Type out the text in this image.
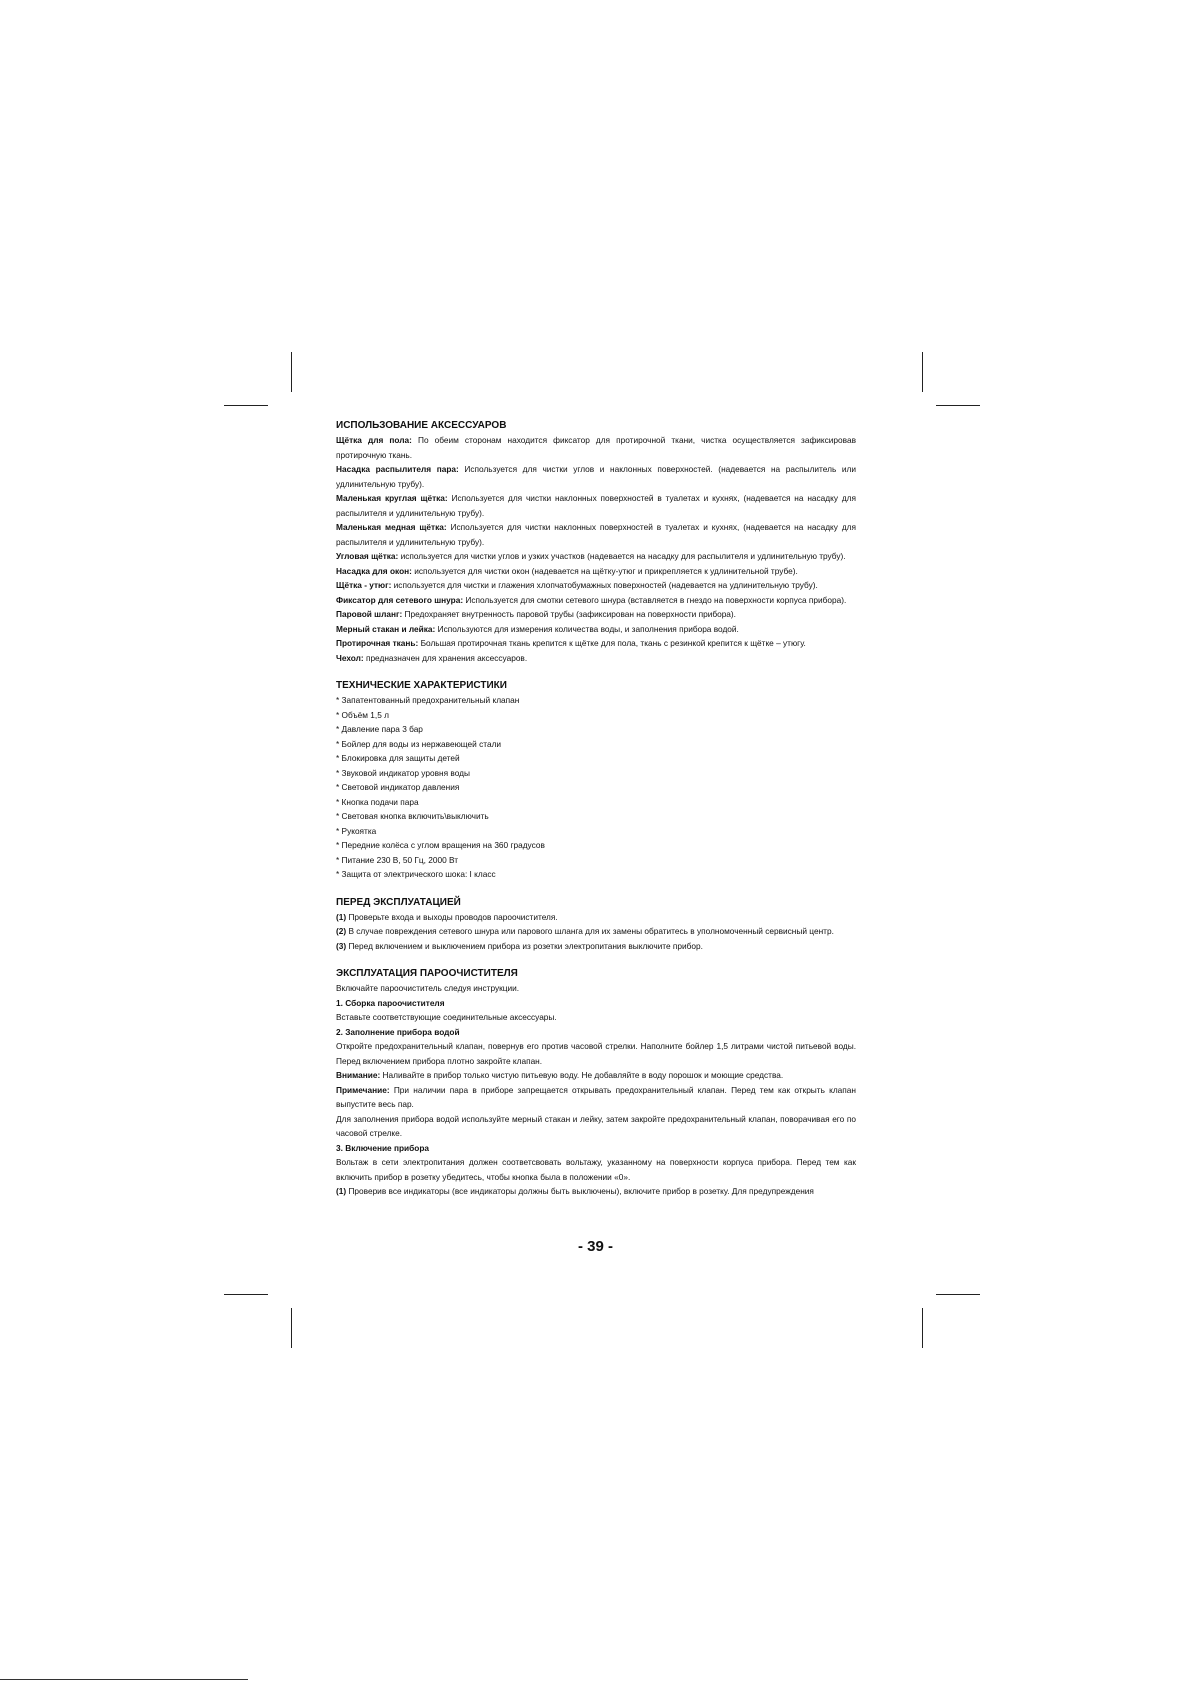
ИСПОЛЬЗОВАНИЕ АКСЕССУАРОВ

Щётка для пола: По обеим сторонам находится фиксатор для протирочной ткани, чистка осуществляется зафиксировав протирочную ткань.

Насадка распылителя пара: Используется для чистки углов и наклонных поверхностей. (надевается на распылитель или удлинительную трубу).

Маленькая круглая щётка: Используется для чистки наклонных поверхностей в туалетах и кухнях, (надевается на насадку для распылителя и удлинительную трубу).

Маленькая медная щётка: Используется для чистки наклонных поверхностей в туалетах и кухнях, (надевается на насадку для распылителя и удлинительную трубу).

Угловая щётка: используется для чистки углов и узких участков (надевается на насадку для распылителя и удлинительную трубу).

Насадка для окон: используется для чистки окон (надевается на щётку-утюг и прикрепляется к удлинительной трубе).

Щётка - утюг: используется для чистки и глажения хлопчатобумажных поверхностей (надевается на удлинительную трубу).

Фиксатор для сетевого шнура: Используется для смотки сетевого шнура (вставляется в гнездо на поверхности корпуса прибора).

Паровой шланг: Предохраняет внутренность паровой трубы (зафиксирован на поверхности прибора).

Мерный стакан и лейка: Используются для измерения количества воды, и заполнения прибора водой.

Протирочная ткань: Большая протирочная ткань крепится к щётке для пола, ткань с резинкой крепится к щётке – утюгу.

Чехол: предназначен для хранения аксессуаров.

ТЕХНИЧЕСКИЕ ХАРАКТЕРИСТИКИ

* Запатентованный предохранительный клапан

* Объём 1,5 л

* Давление пара 3 бар

* Бойлер для воды из нержавеющей стали

* Блокировка для защиты детей

* Звуковой индикатор уровня воды

* Световой индикатор давления

* Кнопка подачи пара

* Световая кнопка включить\выключить

* Рукоятка

* Передние колёса с углом вращения на 360 градусов

* Питание 230 В, 50 Гц, 2000 Вт

* Защита от электрического шока: I класс

ПЕРЕД ЭКСПЛУАТАЦИЕЙ

(1) Проверьте входа и выходы проводов пароочистителя.

(2) В случае повреждения сетевого шнура или парового шланга для их замены обратитесь в уполномоченный сервисный центр.

(3) Перед включением и выключением прибора из розетки электропитания выключите прибор.

ЭКСПЛУАТАЦИЯ ПАРООЧИСТИТЕЛЯ

Включайте пароочиститель следуя инструкции.

1. Сборка пароочистителя

Вставьте соответствующие соединительные аксессуары.

2. Заполнение прибора водой

Откройте предохранительный клапан, повернув его против часовой стрелки. Наполните бойлер 1,5 литрами чистой питьевой воды. Перед включением прибора плотно закройте клапан.

Внимание: Наливайте в прибор только чистую питьевую воду. Не добавляйте в воду порошок и моющие средства.

Примечание: При наличии пара в приборе запрещается открывать предохранительный клапан. Перед тем как открыть клапан выпустите весь пар.

Для заполнения прибора водой используйте мерный стакан и лейку, затем закройте предохранительный клапан, поворачивая его по часовой стрелке.

3. Включение прибора

Вольтаж в сети электропитания должен соответсвовать вольтажу, указанному на поверхности корпуса прибора. Перед тем как включить прибор в розетку убедитесь, чтобы кнопка была в положении «0».

(1) Проверив все индикаторы (все индикаторы должны быть выключены), включите прибор в розетку. Для предупреждения

- 39 -
